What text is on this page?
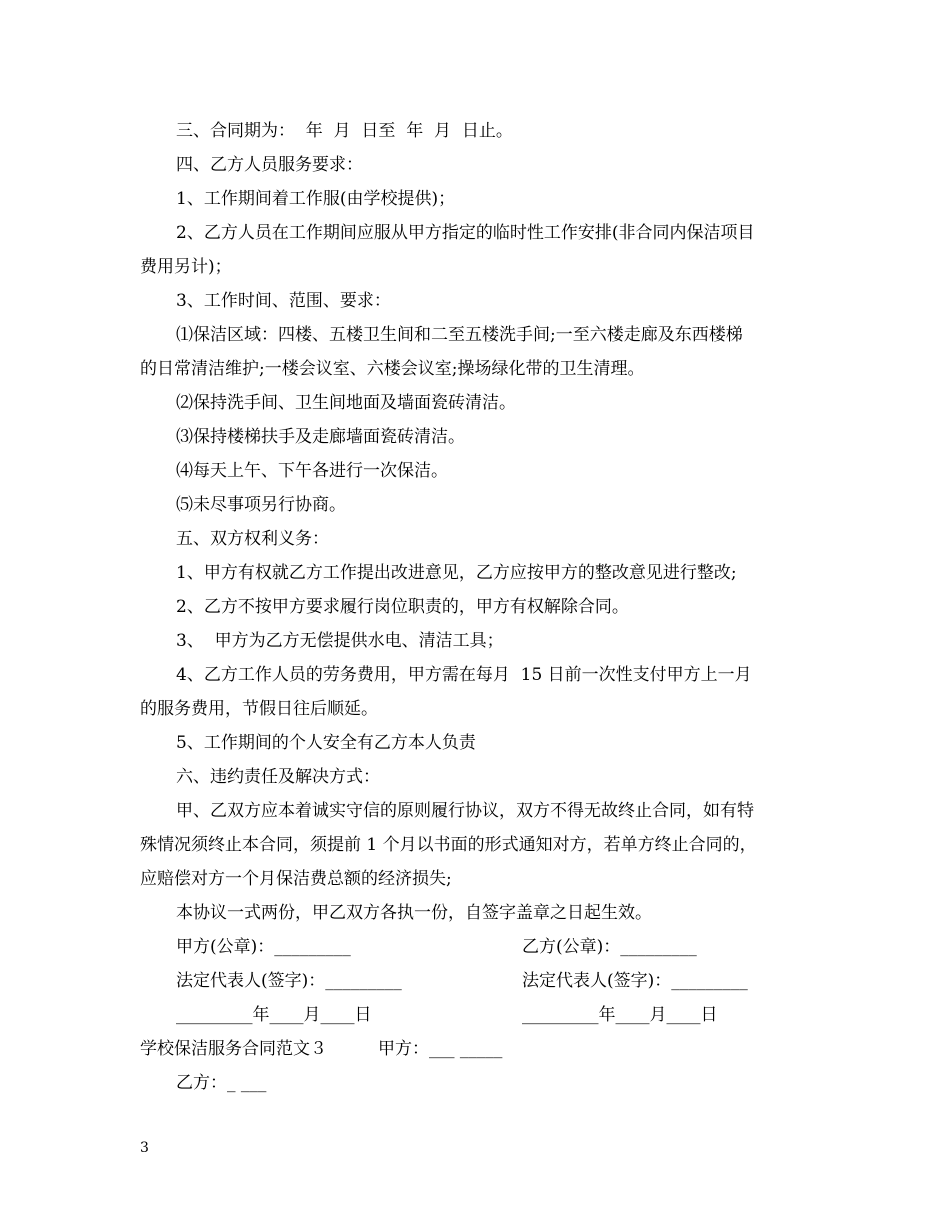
三、合同期为：  年  月  日至  年  月  日止。
四、乙方人员服务要求：
1、工作期间着工作服(由学校提供)；
2、乙方人员在工作期间应服从甲方指定的临时性工作安排(非合同内保洁项目
费用另计)；
3、工作时间、范围、要求：
⑴保洁区域：四楼、五楼卫生间和二至五楼洗手间;一至六楼走廊及东西楼梯
的日常清洁维护;一楼会议室、六楼会议室;操场绿化带的卫生清理。
⑵保持洗手间、卫生间地面及墙面瓷砖清洁。
⑶保持楼梯扶手及走廊墙面瓷砖清洁。
⑷每天上午、下午各进行一次保洁。
⑸未尽事项另行协商。
五、双方权利义务：
1、甲方有权就乙方工作提出改进意见，乙方应按甲方的整改意见进行整改;
2、乙方不按甲方要求履行岗位职责的，甲方有权解除合同。
3、  甲方为乙方无偿提供水电、清洁工具；
4、乙方工作人员的劳务费用，甲方需在每月  15 日前一次性支付甲方上一月
的服务费用，节假日往后顺延。
5、工作期间的个人安全有乙方本人负责
六、违约责任及解决方式：
甲、乙双方应本着诚实守信的原则履行协议，双方不得无故终止合同，如有特
殊情况须终止本合同，须提前 1 个月以书面的形式通知对方，若单方终止合同的，
应赔偿对方一个月保洁费总额的经济损失;
本协议一式两份，甲乙双方各执一份，自签字盖章之日起生效。
甲方(公章)：_________	乙方(公章)：_________
法定代表人(签字)：_________	法定代表人(签字)：_________
_________年____月____日	_________年____月____日
学校保洁服务合同范文３	甲方：___ _____
乙方：_ ___
3
